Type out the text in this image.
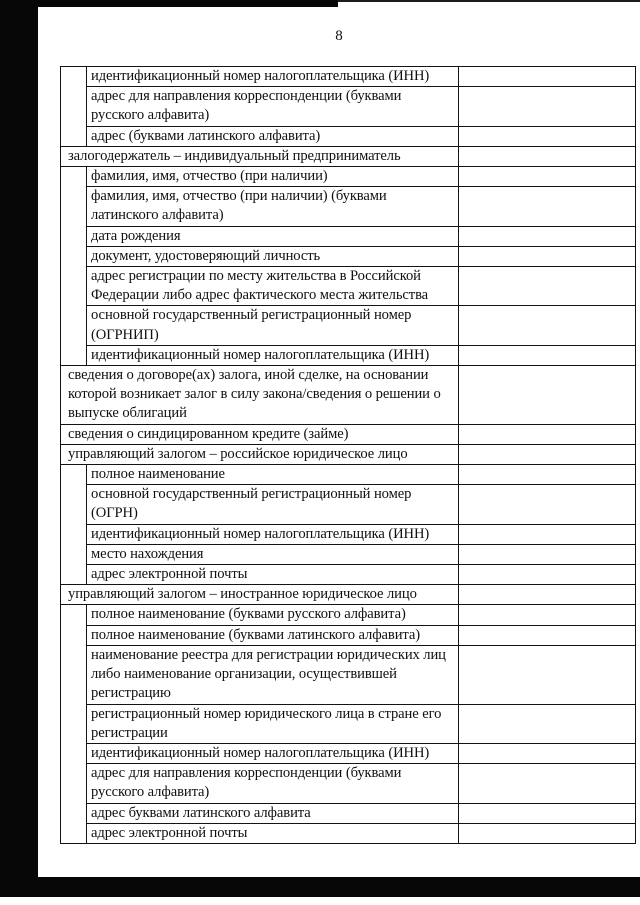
8
идентификационный номер налогоплательщика (ИНН)
адрес для направления корреспонденции (буквами русского алфавита)
адрес (буквами латинского алфавита)
залогодержатель – индивидуальный предприниматель
фамилия, имя, отчество (при наличии)
фамилия, имя, отчество (при наличии) (буквами латинского алфавита)
дата рождения
документ, удостоверяющий личность
адрес регистрации по месту жительства в Российской Федерации либо адрес фактического места жительства
основной государственный регистрационный номер (ОГРНИП)
идентификационный номер налогоплательщика (ИНН)
сведения о договоре(ах) залога, иной сделке, на основании которой возникает залог в силу закона/сведения о решении о выпуске облигаций
сведения о синдицированном кредите (займе)
управляющий залогом – российское юридическое лицо
полное наименование
основной государственный регистрационный номер (ОГРН)
идентификационный номер налогоплательщика (ИНН)
место нахождения
адрес электронной почты
управляющий залогом – иностранное юридическое лицо
полное наименование (буквами русского алфавита)
полное наименование (буквами латинского алфавита)
наименование реестра для регистрации юридических лиц либо наименование организации, осуществившей регистрацию
регистрационный номер юридического лица в стране его регистрации
идентификационный номер налогоплательщика (ИНН)
адрес для направления корреспонденции (буквами русского алфавита)
адрес буквами латинского алфавита
адрес электронной почты
